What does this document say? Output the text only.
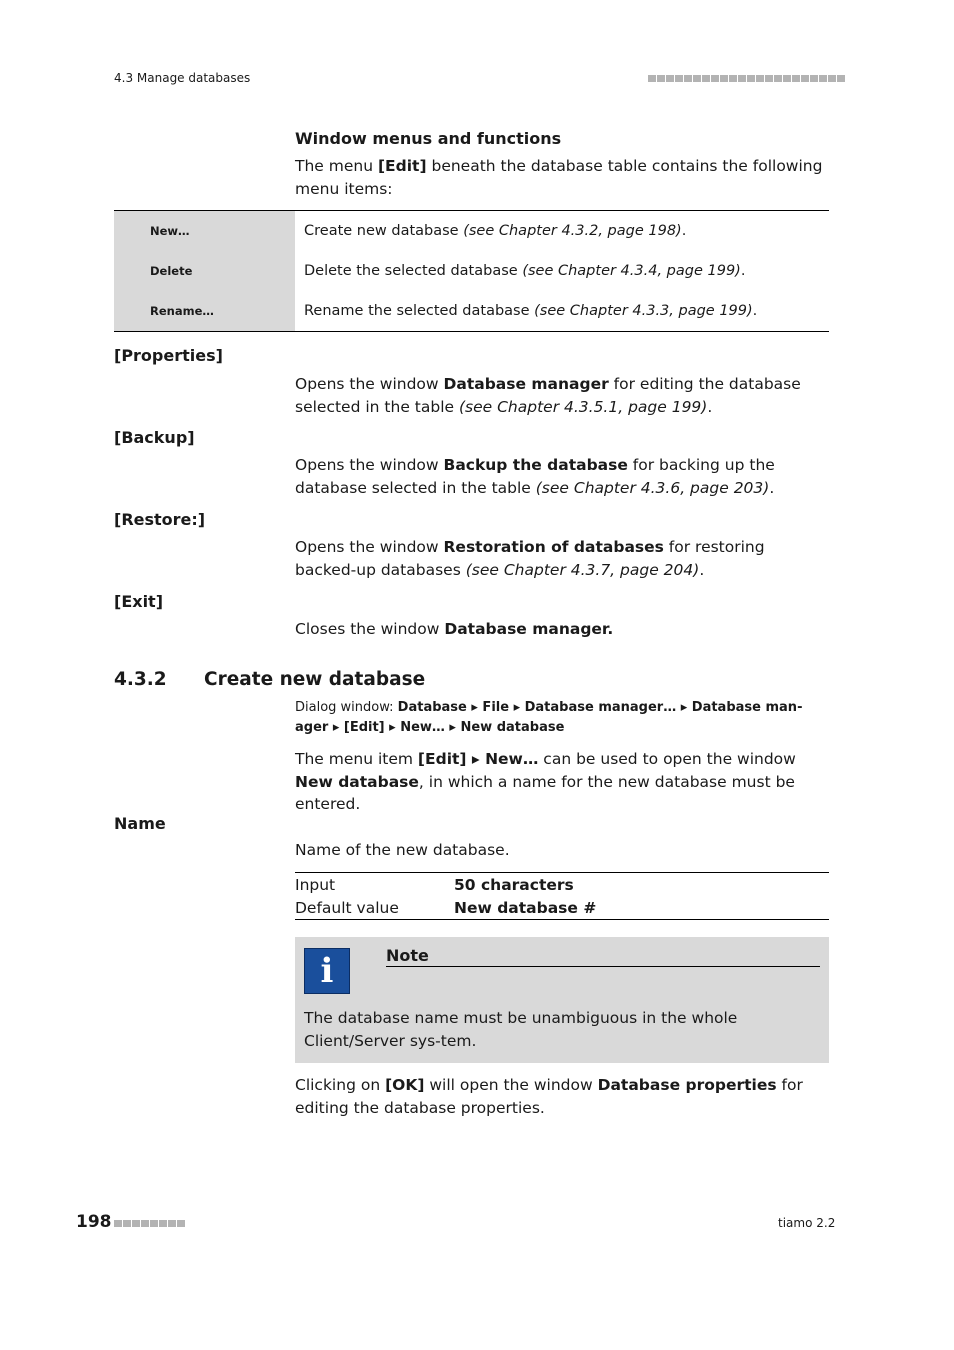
4.3 Manage databases
Window menus and functions
The menu [Edit] beneath the database table contains the following menu items:
New…	Create new database (see Chapter 4.3.2, page 198).
Delete	Delete the selected database (see Chapter 4.3.4, page 199).
Rename…	Rename the selected database (see Chapter 4.3.3, page 199).
[Properties]
Opens the window Database manager for editing the database selected in the table (see Chapter 4.3.5.1, page 199).
[Backup]
Opens the window Backup the database for backing up the database selected in the table (see Chapter 4.3.6, page 203).
[Restore:]
Opens the window Restoration of databases for restoring backed-up databases (see Chapter 4.3.7, page 204).
[Exit]
Closes the window Database manager.
4.3.2 Create new database
Dialog window: Database ▸ File ▸ Database manager… ▸ Database man-
ager ▸ [Edit] ▸ New… ▸ New database
The menu item [Edit] ▸ New… can be used to open the window New database, in which a name for the new database must be entered.
Name
Name of the new database.
Input	50 characters
Default value	New database #
i	Note
The database name must be unambiguous in the whole Client/Server sys-tem.
Clicking on [OK] will open the window Database properties for editing the database properties.
198	tiamo 2.2
